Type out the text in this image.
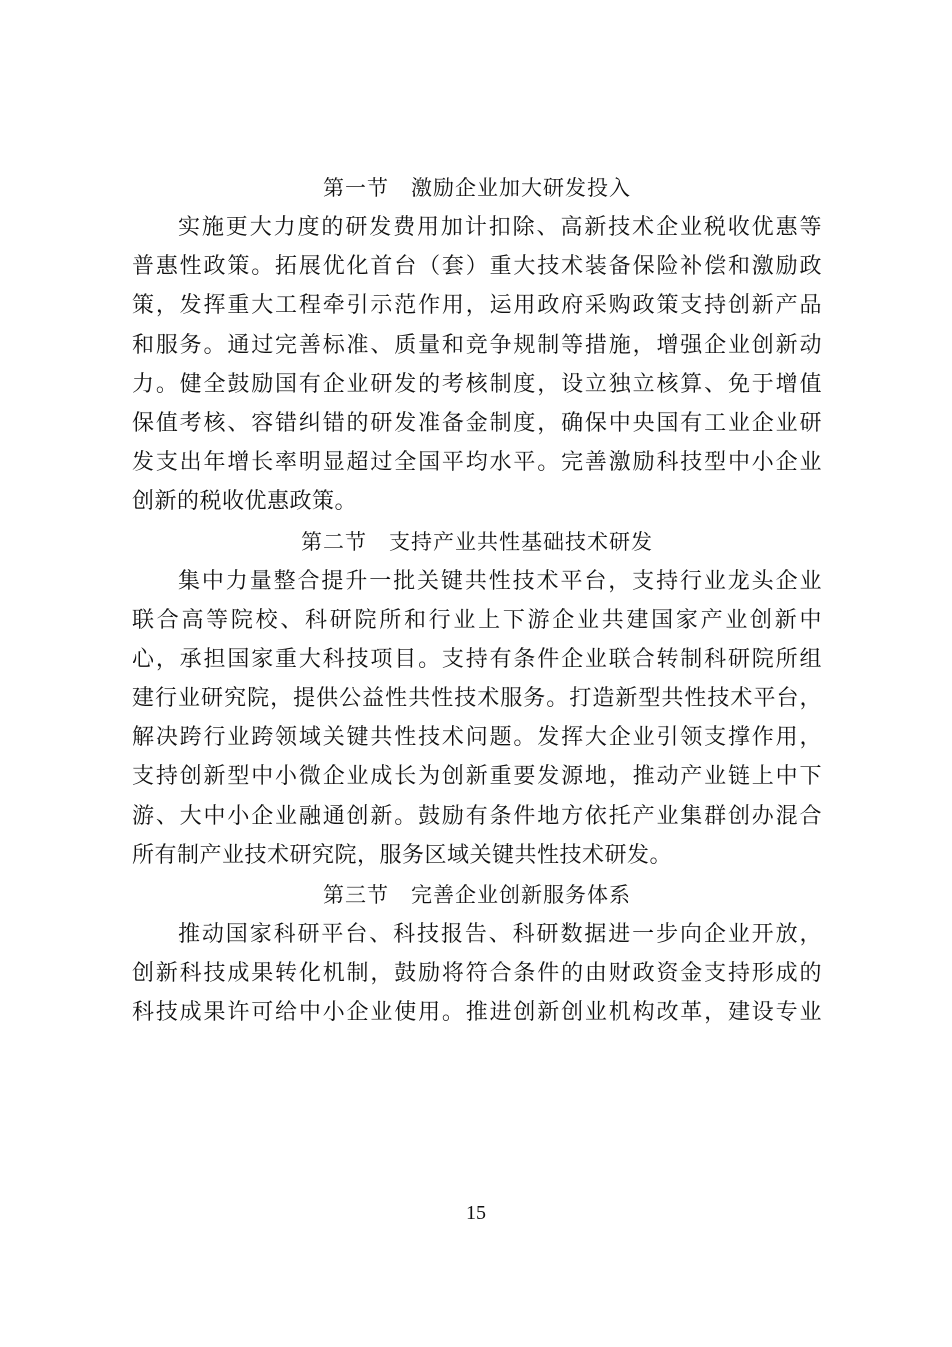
第一节　激励企业加大研发投入
实施更大力度的研发费用加计扣除、高新技术企业税收优惠等
普惠性政策。拓展优化首台（套）重大技术装备保险补偿和激励政
策，发挥重大工程牵引示范作用，运用政府采购政策支持创新产品
和服务。通过完善标准、质量和竞争规制等措施，增强企业创新动
力。健全鼓励国有企业研发的考核制度，设立独立核算、免于增值
保值考核、容错纠错的研发准备金制度，确保中央国有工业企业研
发支出年增长率明显超过全国平均水平。完善激励科技型中小企业
创新的税收优惠政策。
第二节　支持产业共性基础技术研发
集中力量整合提升一批关键共性技术平台，支持行业龙头企业
联合高等院校、科研院所和行业上下游企业共建国家产业创新中
心，承担国家重大科技项目。支持有条件企业联合转制科研院所组
建行业研究院，提供公益性共性技术服务。打造新型共性技术平台，
解决跨行业跨领域关键共性技术问题。发挥大企业引领支撑作用，
支持创新型中小微企业成长为创新重要发源地，推动产业链上中下
游、大中小企业融通创新。鼓励有条件地方依托产业集群创办混合
所有制产业技术研究院，服务区域关键共性技术研发。
第三节　完善企业创新服务体系
推动国家科研平台、科技报告、科研数据进一步向企业开放，
创新科技成果转化机制，鼓励将符合条件的由财政资金支持形成的
科技成果许可给中小企业使用。推进创新创业机构改革，建设专业
15
